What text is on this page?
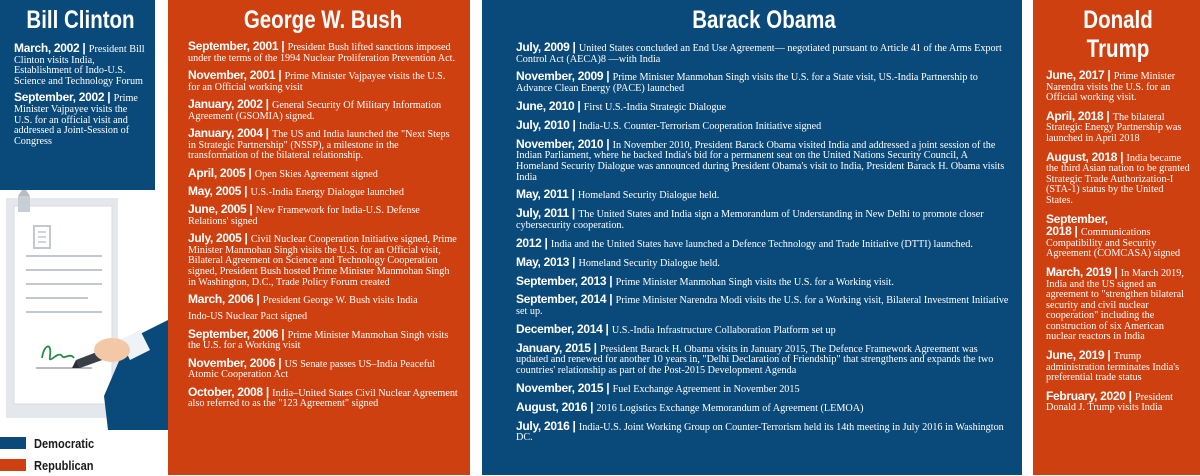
Bill Clinton

March, 2002 | President Bill Clinton visits India, Establishment of Indo-U.S. Science and Technology Forum

September, 2002 | Prime Minister Vajpayee visits the U.S. for an official visit and addressed a Joint-Session of Congress

Democratic
Republican
George W. Bush

September, 2001 | President Bush lifted sanctions imposed under the terms of the 1994 Nuclear Proliferation Prevention Act.

November, 2001 | Prime Minister Vajpayee visits the U.S. for an Official working visit

January, 2002 | General Security Of Military Information Agreement (GSOMIA) signed.

January, 2004 | The US and India launched the "Next Steps in Strategic Partnership" (NSSP), a milestone in the transformation of the bilateral relationship.

April, 2005 | Open Skies Agreement signed

May, 2005 | U.S.-India Energy Dialogue launched

June, 2005 | New Framework for India-U.S. Defense Relations' signed

July, 2005 | Civil Nuclear Cooperation Initiative signed, Prime Minister Manmohan Singh visits the U.S. for an Official visit, Bilateral Agreement on Science and Technology Cooperation signed, President Bush hosted Prime Minister Manmohan Singh in Washington, D.C., Trade Policy Forum created

March, 2006 | President George W. Bush visits India

Indo-US Nuclear Pact signed

September, 2006 | Prime Minister Manmohan Singh visits the U.S. for a Working visit

November, 2006 | US Senate passes US–India Peaceful Atomic Cooperation Act

October, 2008 | India–United States Civil Nuclear Agreement also referred to as the "123 Agreement" signed

Barack Obama

July, 2009 | United States concluded an End Use Agreement— negotiated pursuant to Article 41 of the Arms Export Control Act (AECA)8 —with India

November, 2009 | Prime Minister Manmohan Singh visits the U.S. for a State visit, US.-India Partnership to Advance Clean Energy (PACE) launched

June, 2010 | First U.S.-India Strategic Dialogue

July, 2010 | India-U.S. Counter-Terrorism Cooperation Initiative signed

November, 2010 | In November 2010, President Barack Obama visited India and addressed a joint session of the Indian Parliament, where he backed India's bid for a permanent seat on the United Nations Security Council, A Homeland Security Dialogue was announced during President Obama's visit to India, President Barack H. Obama visits India

May, 2011 | Homeland Security Dialogue held.

July, 2011 | The United States and India sign a Memorandum of Understanding in New Delhi to promote closer cybersecurity cooperation.

2012 | India and the United States have launched a Defence Technology and Trade Initiative (DTTI) launched.

May, 2013 | Homeland Security Dialogue held.

September, 2013 | Prime Minister Manmohan Singh visits the U.S. for a Working visit.

September, 2014 | Prime Minister Narendra Modi visits the U.S. for a Working visit, Bilateral Investment Initiative set up.

December, 2014 | U.S.-India Infrastructure Collaboration Platform set up

January, 2015 | President Barack H. Obama visits in January 2015, The Defence Framework Agreement was updated and renewed for another 10 years in, "Delhi Declaration of Friendship" that strengthens and expands the two countries' relationship as part of the Post-2015 Development Agenda

November, 2015 | Fuel Exchange Agreement in November 2015

August, 2016 | 2016 Logistics Exchange Memorandum of Agreement (LEMOA)

July, 2016 | India-U.S. Joint Working Group on Counter-Terrorism held its 14th meeting in July 2016 in Washington DC.

Donald Trump

June, 2017 | Prime Minister Narendra visits the U.S. for an Official working visit.

April, 2018 | The bilateral Strategic Energy Partnership was launched in April 2018

August, 2018 | India became the third Asian nation to be granted Strategic Trade Authorization-I (STA-1) status by the United States.

September, 2018 | Communications Compatibility and Security Agreement (COMCASA) signed

March, 2019 | In March 2019, India and the US signed an agreement to "strengthen bilateral security and civil nuclear cooperation" including the construction of six American nuclear reactors in India

June, 2019 | Trump administration terminates India's preferential trade status

February, 2020 | President Donald J. Trump visits India
